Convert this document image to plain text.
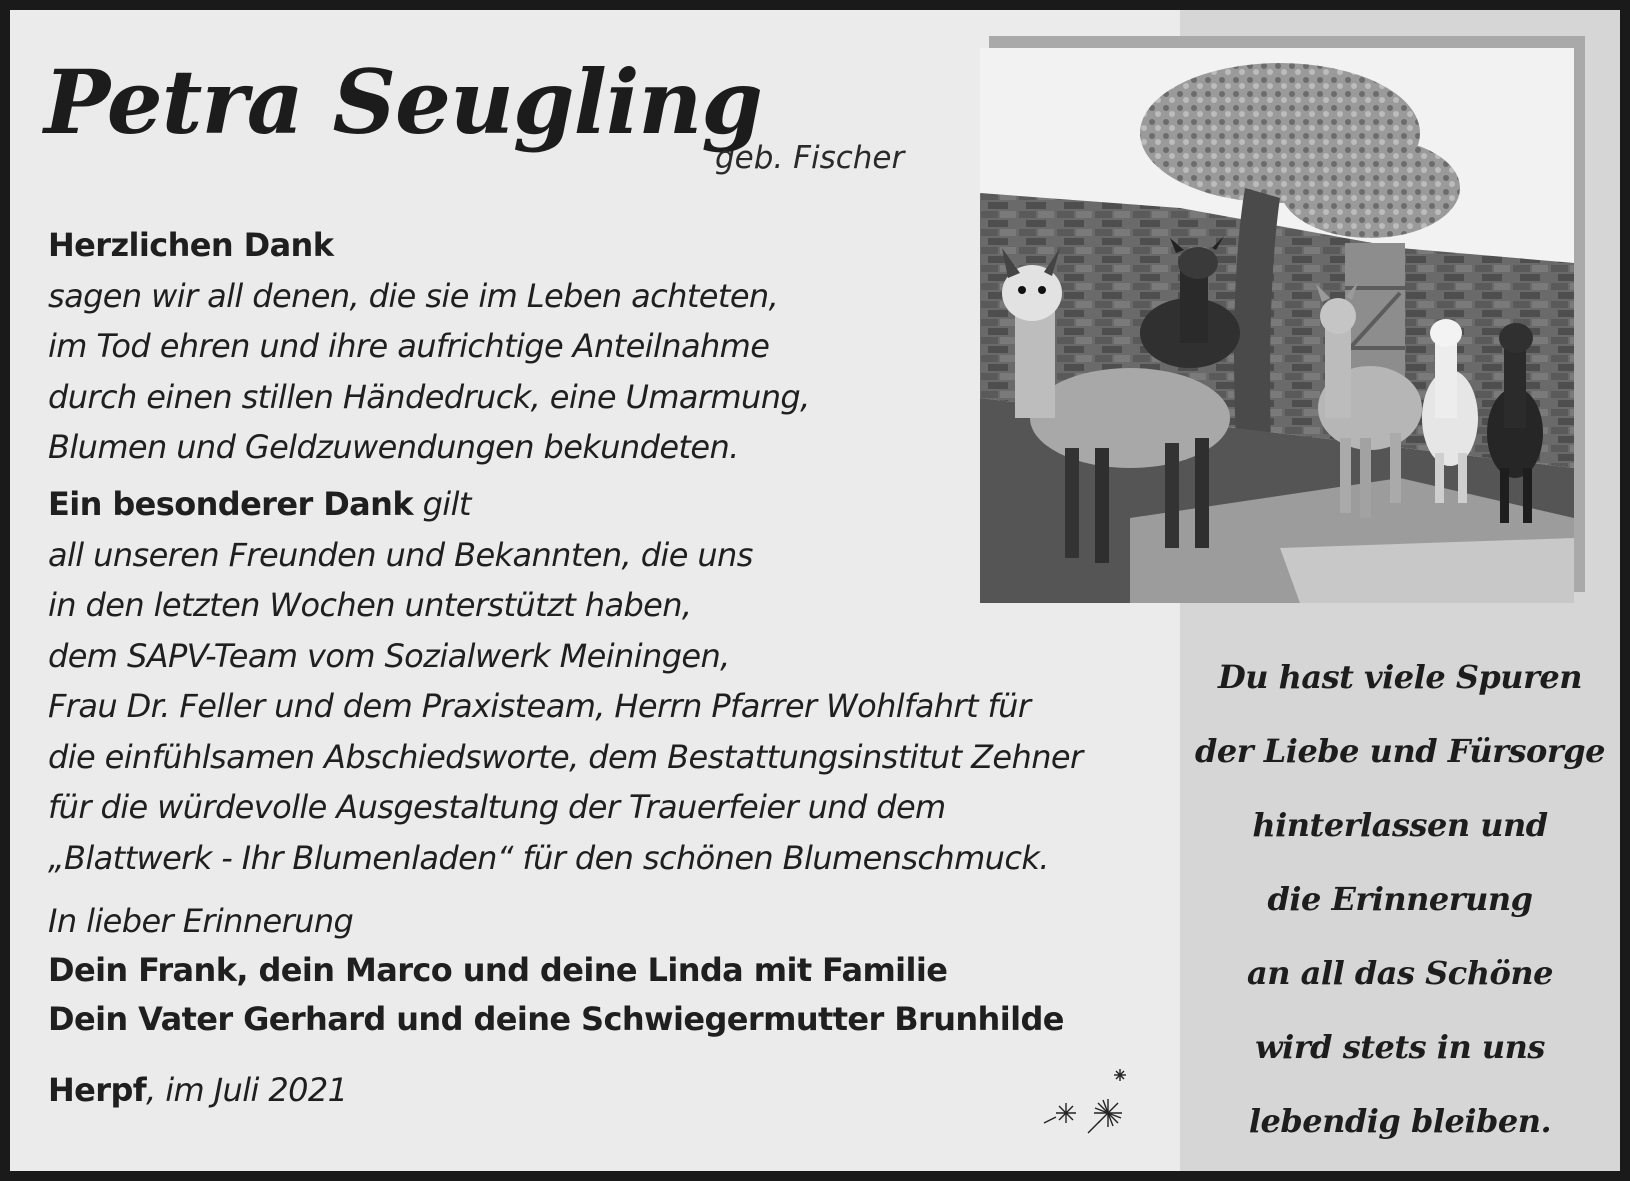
Petra Seugling
geb. Fischer
Herzlichen Dank
sagen wir all denen, die sie im Leben achteten,
im Tod ehren und ihre aufrichtige Anteilnahme
durch einen stillen Händedruck, eine Umarmung,
Blumen und Geldzuwendungen bekundeten.
Ein besonderer Dank gilt
all unseren Freunden und Bekannten, die uns
in den letzten Wochen unterstützt haben,
dem SAPV-Team vom Sozialwerk Meiningen,
Frau Dr. Feller und dem Praxisteam, Herrn Pfarrer Wohlfahrt für
die einfühlsamen Abschiedsworte, dem Bestattungsinstitut Zehner
für die würdevolle Ausgestaltung der Trauerfeier und dem
„Blattwerk - Ihr Blumenladen“ für den schönen Blumenschmuck.
In lieber Erinnerung
Dein Frank, dein Marco und deine Linda mit Familie
Dein Vater Gerhard und deine Schwiegermutter Brunhilde
Herpf, im Juli 2021
Du hast viele Spuren
der Liebe und Fürsorge
hinterlassen und
die Erinnerung
an all das Schöne
wird stets in uns
lebendig bleiben.
